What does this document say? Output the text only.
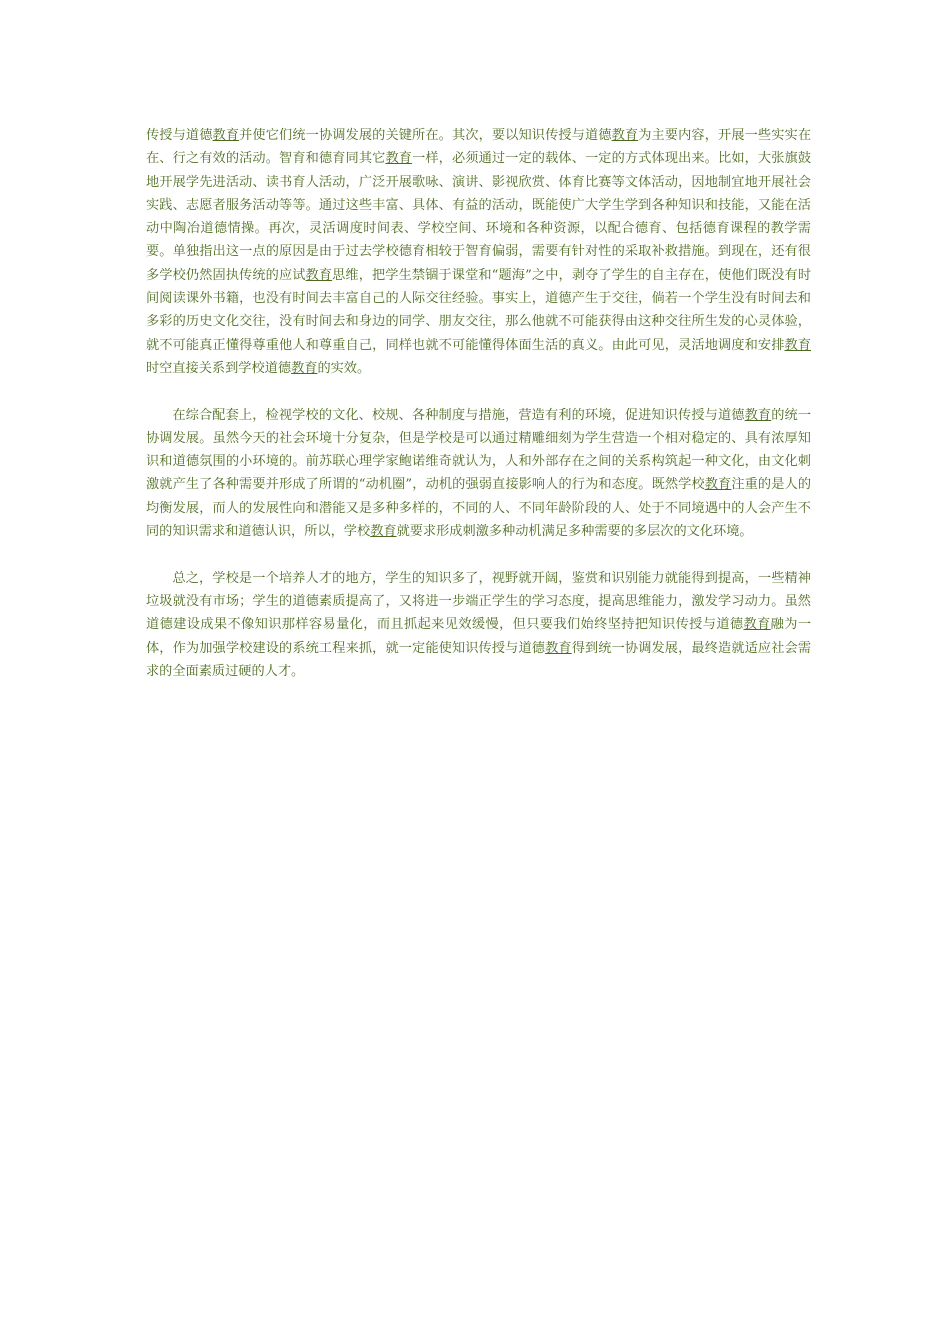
传授与道德教育并使它们统一协调发展的关键所在。其次，要以知识传授与道德教育为主要内容，开展一些实实在在、行之有效的活动。智育和德育同其它教育一样，必须通过一定的载体、一定的方式体现出来。比如，大张旗鼓地开展学先进活动、读书育人活动，广泛开展歌咏、演讲、影视欣赏、体育比赛等文体活动，因地制宜地开展社会实践、志愿者服务活动等等。通过这些丰富、具体、有益的活动，既能使广大学生学到各种知识和技能，又能在活动中陶冶道德情操。再次，灵活调度时间表、学校空间、环境和各种资源，以配合德育、包括德育课程的教学需要。单独指出这一点的原因是由于过去学校德育相较于智育偏弱，需要有针对性的采取补救措施。到现在，还有很多学校仍然固执传统的应试教育思维，把学生禁锢于课堂和“题海”之中，剥夺了学生的自主存在，使他们既没有时间阅读课外书籍，也没有时间去丰富自己的人际交往经验。事实上，道德产生于交往，倘若一个学生没有时间去和多彩的历史文化交往，没有时间去和身边的同学、朋友交往，那么他就不可能获得由这种交往所生发的心灵体验，就不可能真正懂得尊重他人和尊重自己，同样也就不可能懂得体面生活的真义。由此可见，灵活地调度和安排教育时空直接关系到学校道德教育的实效。

在综合配套上，检视学校的文化、校规、各种制度与措施，营造有利的环境，促进知识传授与道德教育的统一协调发展。虽然今天的社会环境十分复杂，但是学校是可以通过精雕细刻为学生营造一个相对稳定的、具有浓厚知识和道德氛围的小环境的。前苏联心理学家鲍诺维奇就认为，人和外部存在之间的关系构筑起一种文化，由文化刺激就产生了各种需要并形成了所谓的“动机圈”，动机的强弱直接影响人的行为和态度。既然学校教育注重的是人的均衡发展，而人的发展性向和潜能又是多种多样的，不同的人、不同年龄阶段的人、处于不同境遇中的人会产生不同的知识需求和道德认识，所以，学校教育就要求形成刺激多种动机满足多种需要的多层次的文化环境。

总之，学校是一个培养人才的地方，学生的知识多了，视野就开阔，鉴赏和识别能力就能得到提高，一些精神垃圾就没有市场；学生的道德素质提高了，又将进一步端正学生的学习态度，提高思维能力，激发学习动力。虽然道德建设成果不像知识那样容易量化，而且抓起来见效缓慢，但只要我们始终坚持把知识传授与道德教育融为一体，作为加强学校建设的系统工程来抓，就一定能使知识传授与道德教育得到统一协调发展，最终造就适应社会需求的全面素质过硬的人才。
